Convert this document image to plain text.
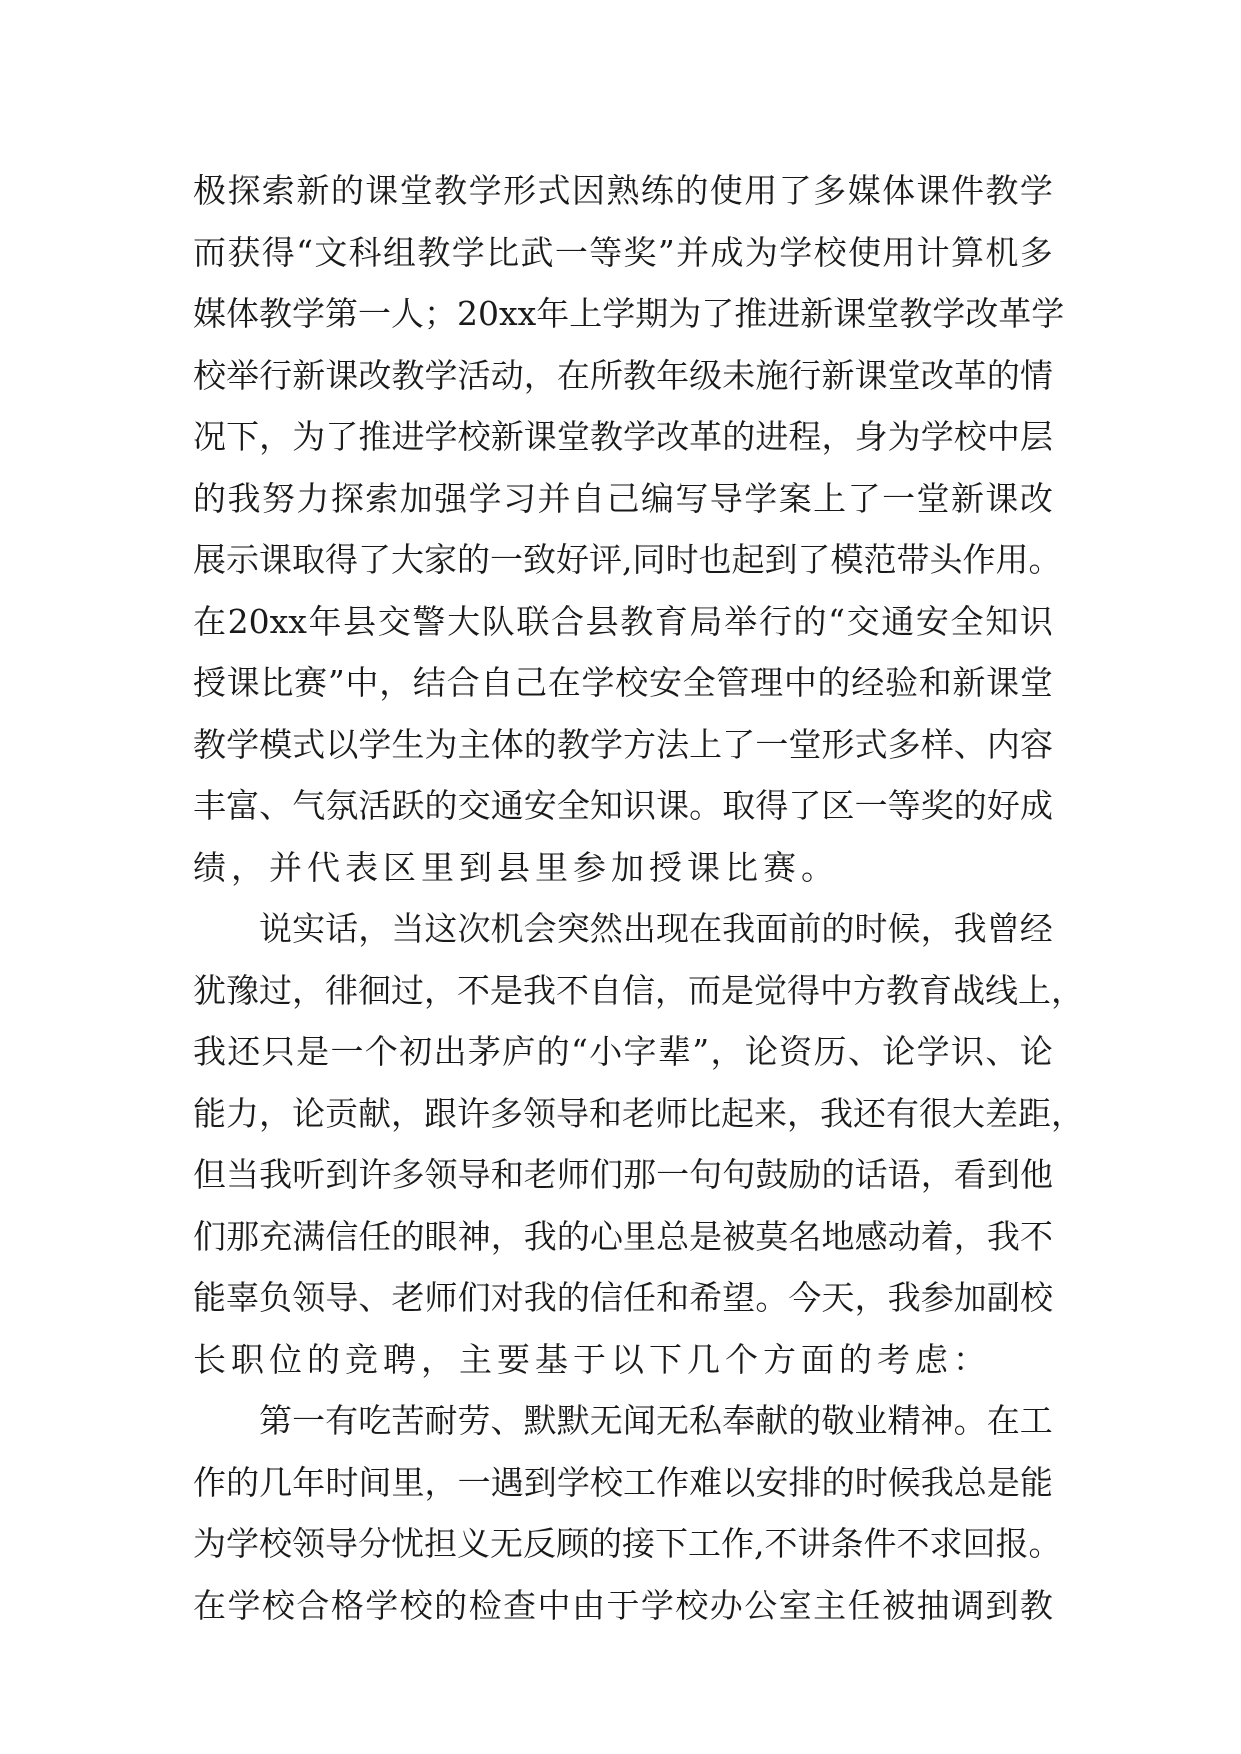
极 探 索 新 的 课 堂 教 学 形 式 因 熟 练 的 使 用 了 多 媒 体 课 件 教 学
而 获 得 “ 文 科 组 教 学 比 武 一 等 奖 ” 并 成 为 学 校 使 用 计 算 机 多
媒 体 教 学 第 一 人 ； 20xx 年 上 学 期 为 了 推 进 新 课 堂 教 学 改 革 学
校 举 行 新 课 改 教 学 活 动 ， 在 所 教 年 级 未 施 行 新 课 堂 改 革 的 情
况 下 ， 为 了 推 进 学 校 新 课 堂 教 学 改 革 的 进 程 ， 身 为 学 校 中 层
的 我 努 力 探 索 加 强 学 习 并 自 己 编 写 导 学 案 上 了 一 堂 新 课 改
展 示 课 取 得 了 大 家 的 一 致 好 评 , 同 时 也 起 到 了 模 范 带 头 作 用 。
在 20xx 年 县 交 警 大 队 联 合 县 教 育 局 举 行 的 “ 交 通 安 全 知 识
授 课 比 赛 ” 中 ， 结 合 自 己 在 学 校 安 全 管 理 中 的 经 验 和 新 课 堂
教 学 模 式 以 学 生 为 主 体 的 教 学 方 法 上 了 一 堂 形 式 多 样 、 内 容
丰 富 、 气 氛 活 跃 的 交 通 安 全 知 识 课 。 取 得 了 区 一 等 奖 的 好 成
绩 ， 并 代 表 区 里 到 县 里 参 加 授 课 比 赛 。
说 实 话 ， 当 这 次 机 会 突 然 出 现 在 我 面 前 的 时 候 ， 我 曾 经
犹 豫 过 ， 徘 徊 过 ， 不 是 我 不 自 信 ， 而 是 觉 得 中 方 教 育 战 线 上 ，
我 还 只 是 一 个 初 出 茅 庐 的 “ 小 字 辈 ” ， 论 资 历 、 论 学 识 、 论
能 力 ， 论 贡 献 ， 跟 许 多 领 导 和 老 师 比 起 来 ， 我 还 有 很 大 差 距 ，
但 当 我 听 到 许 多 领 导 和 老 师 们 那 一 句 句 鼓 励 的 话 语 ， 看 到 他
们 那 充 满 信 任 的 眼 神 ， 我 的 心 里 总 是 被 莫 名 地 感 动 着 ， 我 不
能 辜 负 领 导 、 老 师 们 对 我 的 信 任 和 希 望 。 今 天 ， 我 参 加 副 校
长 职 位 的 竞 聘 ， 主 要 基 于 以 下 几 个 方 面 的 考 虑 ：
第 一 有 吃 苦 耐 劳 、 默 默 无 闻 无 私 奉 献 的 敬 业 精 神 。 在 工
作 的 几 年 时 间 里 ， 一 遇 到 学 校 工 作 难 以 安 排 的 时 候 我 总 是 能
为 学 校 领 导 分 忧 担 义 无 反 顾 的 接 下 工 作 , 不 讲 条 件 不 求 回 报 。
在 学 校 合 格 学 校 的 检 查 中 由 于 学 校 办 公 室 主 任 被 抽 调 到 教
